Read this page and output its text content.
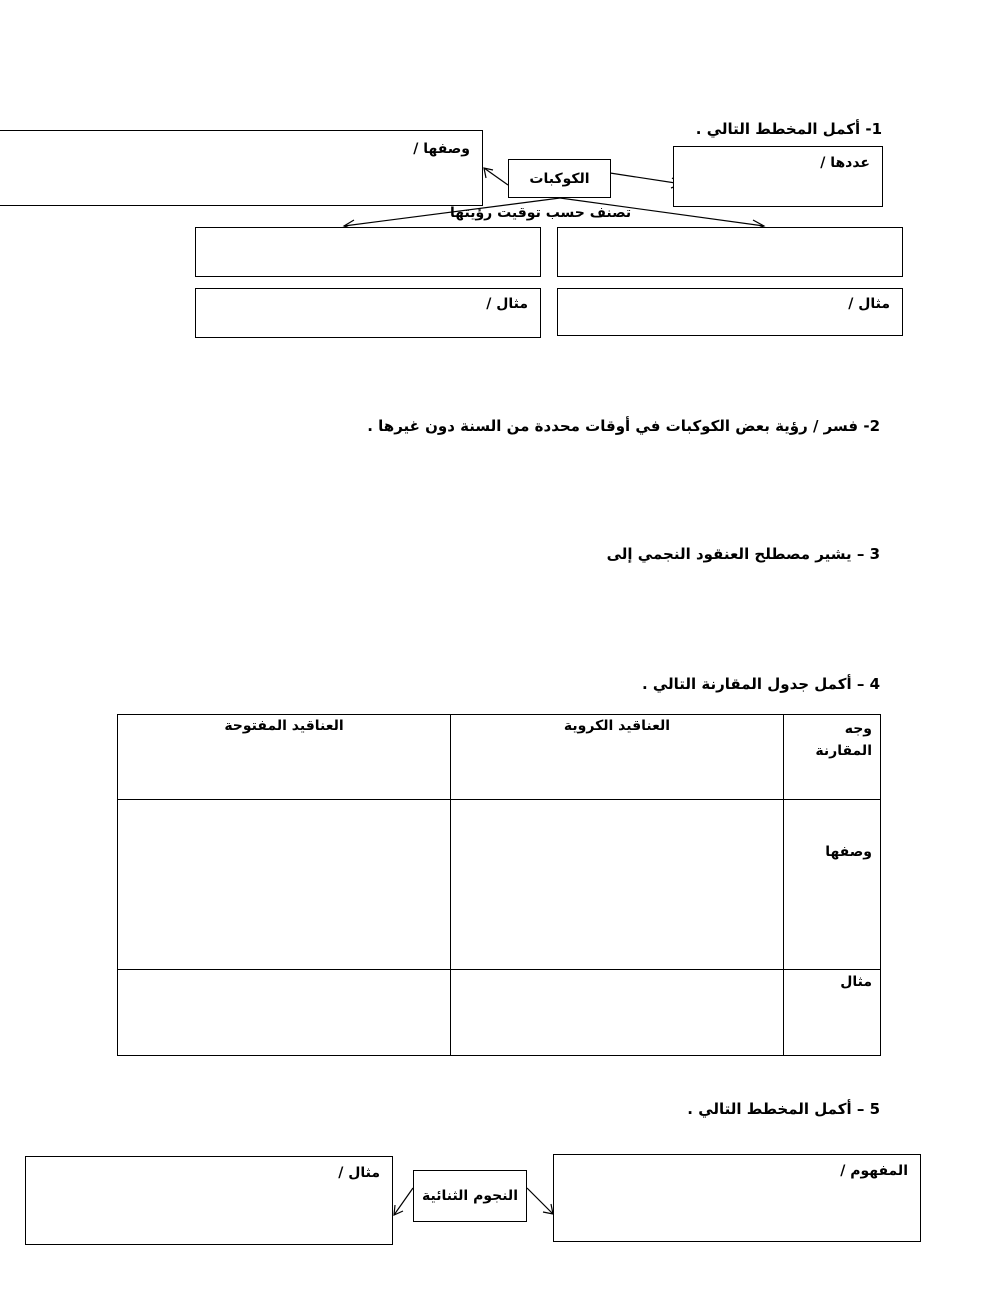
1- أكمل المخطط التالي .
وصفها /
الكوكبات
عددها /
تصنف حسب توقيت رؤيتها
مثال /	مثال /
2- فسر / رؤية بعض الكوكبات في أوقات محددة من السنة دون غيرها .
3 – يشير مصطلح العنقود النجمي إلى
4 – أكمل جدول المقارنة التالي .
وجه المقارنة	العناقيد الكروية	العناقيد المفتوحة
وصفها		
مثال		
5 – أكمل المخطط التالي .
مثال /
النجوم الثنائية
المفهوم /
